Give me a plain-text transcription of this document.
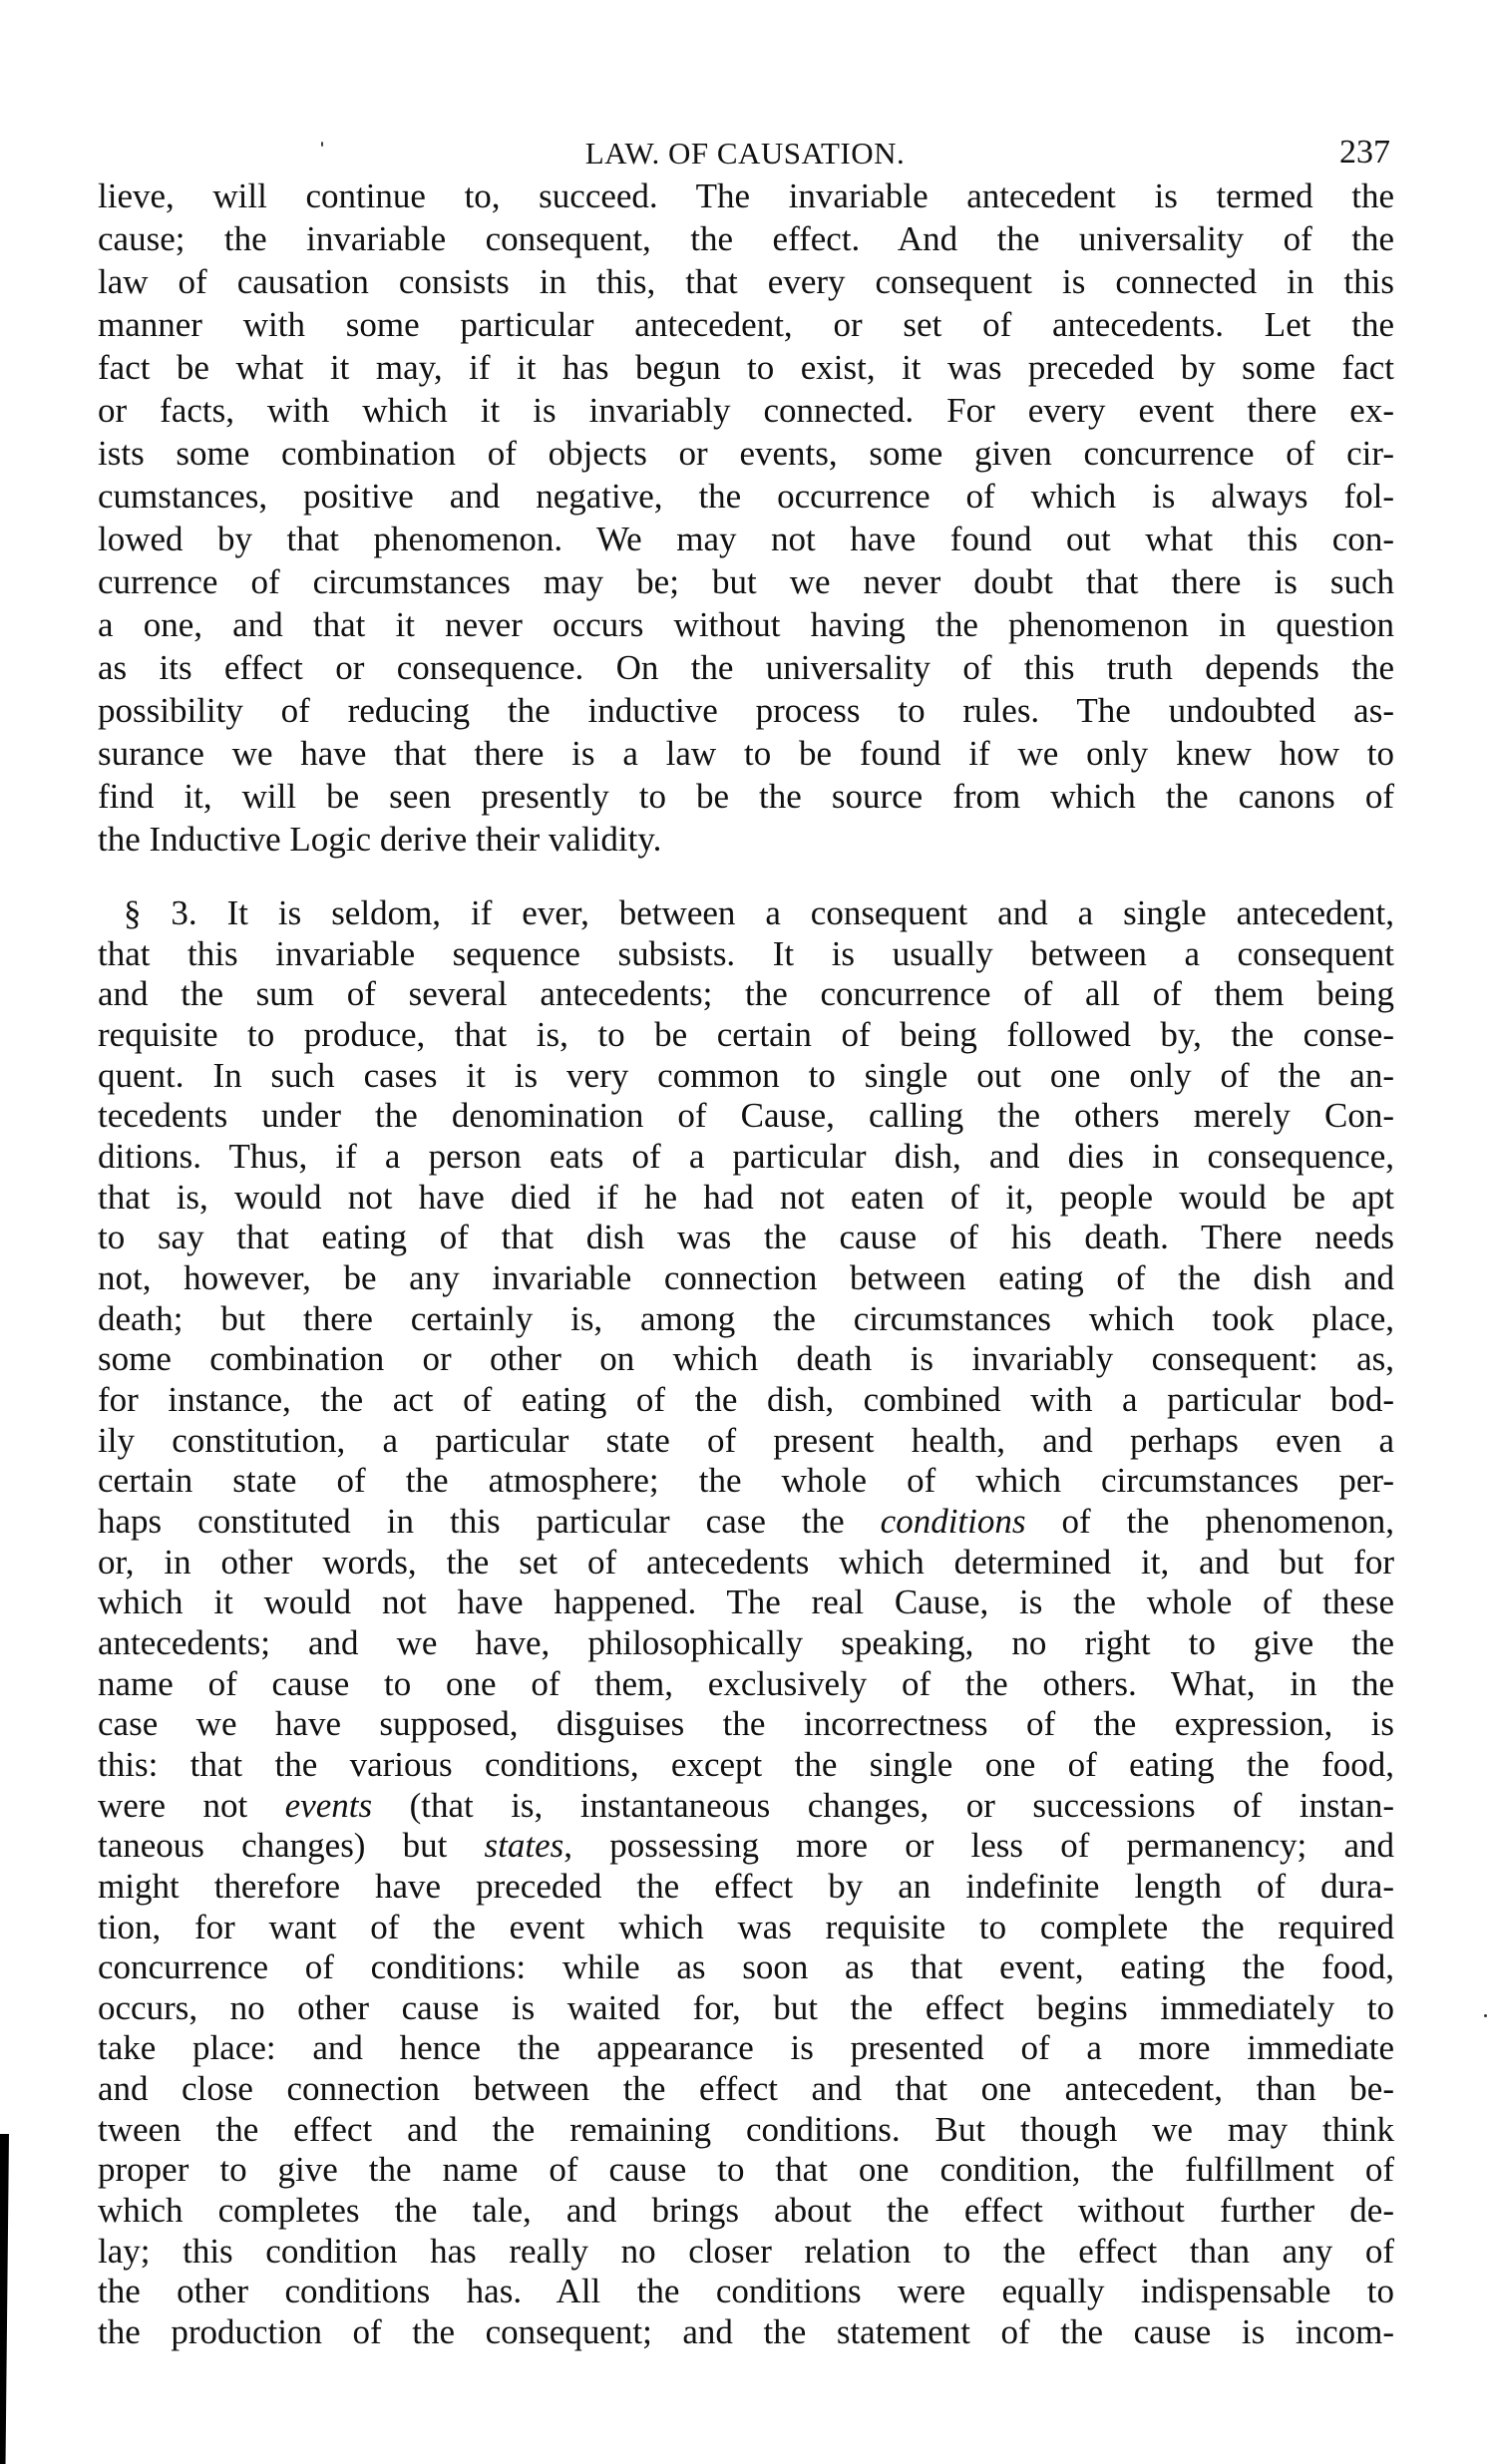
LAW. OF CAUSATION.	237
lieve, will continue to, succeed. The invariable antecedent is termed the
cause; the invariable consequent, the effect. And the universality of the
law of causation consists in this, that every consequent is connected in this
manner with some particular antecedent, or set of antecedents. Let the
fact be what it may, if it has begun to exist, it was preceded by some fact
or facts, with which it is invariably connected. For every event there ex-
ists some combination of objects or events, some given concurrence of cir-
cumstances, positive and negative, the occurrence of which is always fol-
lowed by that phenomenon. We may not have found out what this con-
currence of circumstances may be; but we never doubt that there is such
a one, and that it never occurs without having the phenomenon in question
as its effect or consequence. On the universality of this truth depends the
possibility of reducing the inductive process to rules. The undoubted as-
surance we have that there is a law to be found if we only knew how to
find it, will be seen presently to be the source from which the canons of
the Inductive Logic derive their validity.
§ 3. It is seldom, if ever, between a consequent and a single antecedent,
that this invariable sequence subsists. It is usually between a consequent
and the sum of several antecedents; the concurrence of all of them being
requisite to produce, that is, to be certain of being followed by, the conse-
quent. In such cases it is very common to single out one only of the an-
tecedents under the denomination of Cause, calling the others merely Con-
ditions. Thus, if a person eats of a particular dish, and dies in consequence,
that is, would not have died if he had not eaten of it, people would be apt
to say that eating of that dish was the cause of his death. There needs
not, however, be any invariable connection between eating of the dish and
death; but there certainly is, among the circumstances which took place,
some combination or other on which death is invariably consequent: as,
for instance, the act of eating of the dish, combined with a particular bod-
ily constitution, a particular state of present health, and perhaps even a
certain state of the atmosphere; the whole of which circumstances per-
haps constituted in this particular case the conditions of the phenomenon,
or, in other words, the set of antecedents which determined it, and but for
which it would not have happened. The real Cause, is the whole of these
antecedents; and we have, philosophically speaking, no right to give the
name of cause to one of them, exclusively of the others. What, in the
case we have supposed, disguises the incorrectness of the expression, is
this: that the various conditions, except the single one of eating the food,
were not events (that is, instantaneous changes, or successions of instan-
taneous changes) but states, possessing more or less of permanency; and
might therefore have preceded the effect by an indefinite length of dura-
tion, for want of the event which was requisite to complete the required
concurrence of conditions: while as soon as that event, eating the food,
occurs, no other cause is waited for, but the effect begins immediately to
take place: and hence the appearance is presented of a more immediate
and close connection between the effect and that one antecedent, than be-
tween the effect and the remaining conditions. But though we may think
proper to give the name of cause to that one condition, the fulfillment of
which completes the tale, and brings about the effect without further de-
lay; this condition has really no closer relation to the effect than any of
the other conditions has. All the conditions were equally indispensable to
the production of the consequent; and the statement of the cause is incom-
